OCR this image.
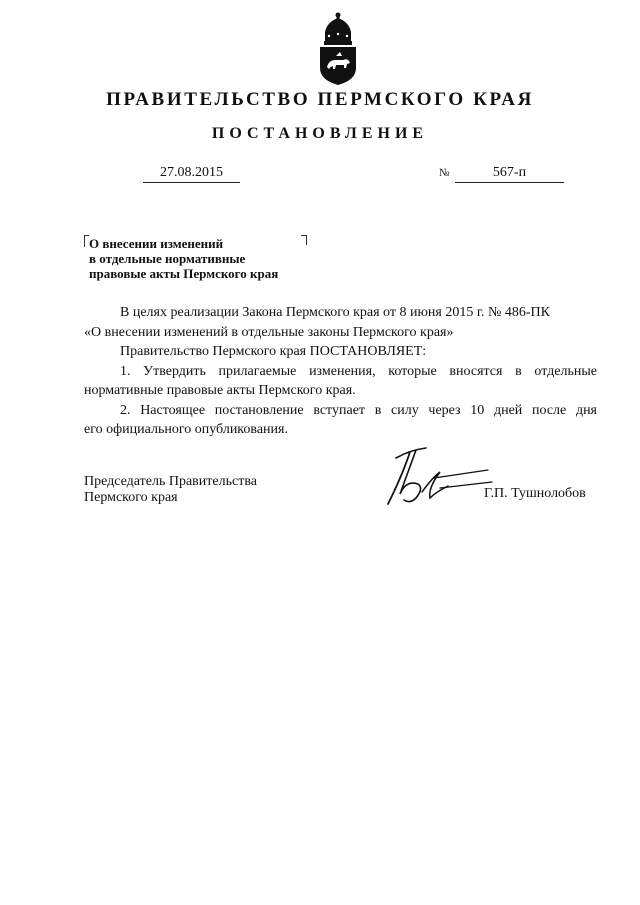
ПРАВИТЕЛЬСТВО ПЕРМСКОГО КРАЯ
ПОСТАНОВЛЕНИЕ
27.08.2015	№	567-п
О внесении изменений
в отдельные нормативные
правовые акты Пермского края

В целях реализации Закона Пермского края от 8 июня 2015 г. № 486-ПК

«О внесении изменений в отдельные законы Пермского края»

Правительство Пермского края ПОСТАНОВЛЯЕТ:

1. Утвердить прилагаемые изменения, которые вносятся в отдельные

нормативные правовые акты Пермского края.

2. Настоящее постановление вступает в силу через 10 дней после дня

его официального опубликования.

Председатель Правительства
Пермского края	Г.П. Тушнолобов
